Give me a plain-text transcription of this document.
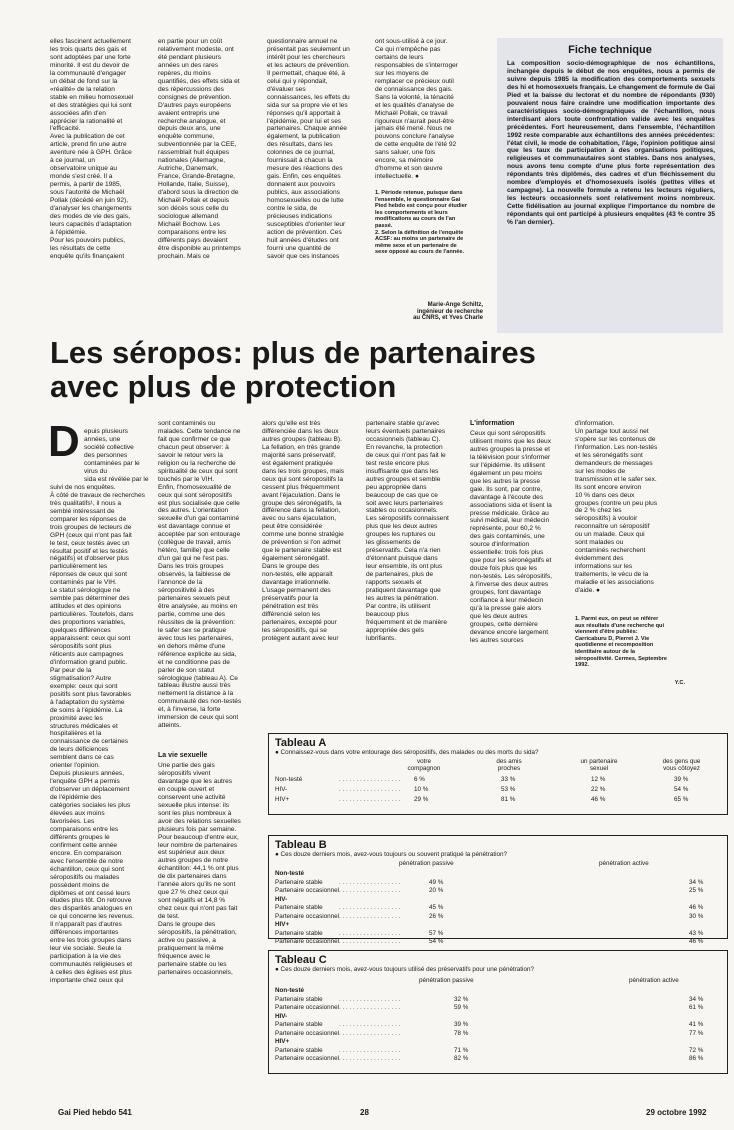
elles fascinent actuellement
les trois quarts des gais et
sont adoptées par une forte
minorité. Il est du devoir de
la communauté d'engager
un débat de fond sur la
«réalité» de la relation
stable en milieu homosexuel
et des stratégies qui lui sont
associées afin d'en
apprécier la rationalité et
l'efficacité.
Avec la publication de cet
article, prend fin une autre
aventure née à GPH. Grâce
à ce journal, un
observatoire unique au
monde s'est créé. Il a
permis, à partir de 1985,
sous l'autorité de Michaël
Pollak (décédé en juin 92),
d'analyser les changements
des modes de vie des gais,
leurs capacités d'adaptation
à l'épidémie.
Pour les pouvoirs publics,
les résultats de cette
enquête qu'ils finançaient
en partie pour un coût
relativement modeste, ont
été pendant plusieurs
années un des rares
repères, du moins
quantifiés, des effets sida et
des répercussions des
consignes de prévention.
D'autres pays européens
avaient entrepris une
recherche analogue, et
depuis deux ans, une
enquête commune,
subventionnée par la CEE,
rassemblait huit équipes
nationales (Allemagne,
Autriche, Danemark,
France, Grande-Bretagne,
Hollande, Italie, Suisse),
d'abord sous la direction de
Michaël Pollak et depuis
son décès sous celle du
sociologue allemand
Michaël Bochow. Les
comparaisons entre les
différents pays devaient
être disponible au printemps
prochain. Mais ce
questionnaire annuel ne
présentait pas seulement un
intérêt pour les chercheurs
et les acteurs de prévention.
Il permettait, chaque été, à
celui qui y répondait,
d'évaluer ses
connaissances, les effets du
sida sur sa propre vie et les
réponses qu'il apportait à
l'épidémie, pour lui et ses
partenaires. Chaque année
également, la publication
des résultats, dans les
colonnes de ce journal,
fournissait à chacun la
mesure des réactions des
gais. Enfin, ces enquêtes
donnaient aux pouvoirs
publics, aux associations
homosexuelles ou de lutte
contre le sida, de
précieuses indications
susceptibles d'orienter leur
action de prévention. Ces
huit années d'études ont
fourni une quantité de
savoir que ces instances
ont sous-utilisé à ce jour.
Ce qui n'empêche pas
certains de leurs
responsables de s'interroger
sur les moyens de
remplacer ce précieux outil
de connaissance des gais.
Sans la volonté, la ténacité
et les qualités d'analyse de
Michaël Pollak, ce travail
rigoureux n'aurait peut-être
jamais été mené. Nous ne
pouvons conclure l'analyse
de cette enquête de l'été 92
sans saluer, une fois
encore, sa mémoire
d'homme et son œuvre
intellectuelle. ●
1. Période retenue, puisque dans
l'ensemble, le questionnaire Gai
Pied hebdo est conçu pour étudier
les comportements et leurs
modifications au cours de l'an
passé.
2. Selon la définition de l'enquête
ACSF: au moins un partenaire de
même sexe et un partenaire de
sexe opposé au cours de l'année.
Marie-Ange Schiltz,
ingénieur de recherche
au CNRS, et Yves Charle
Fiche technique
La composition socio-démographique de nos échantillons, inchangée depuis le début de nos enquêtes, nous a permis de suivre depuis 1985 la modification des comportements sexuels des hi et homosexuels français. Le changement de formule de Gai Pied et la baisse du lectorat et du nombre de répondants (930) pouvaient nous faire craindre une modification importante des caractéristiques socio-démographiques de l'échantillon, nous interdisant alors toute confrontation valide avec les enquêtes précédentes. Fort heureusement, dans l'ensemble, l'échantillon 1992 reste comparable aux échantillons des années précédentes: l'état civil, le mode de cohabitation, l'âge, l'opinion politique ainsi que les taux de participation à des organisations politiques, religieuses et communautaires sont stables. Dans nos analyses, nous avons tenu compte d'une plus forte représentation des répondants très diplômés, des cadres et d'un fléchissement du nombre d'employés et d'homosexuels isolés (petites villes et campagne). La nouvelle formule a retenu les lecteurs réguliers, les lecteurs occasionnels sont relativement moins nombreux. Cette fidélisation au journal explique l'importance du nombre de répondants qui ont participé à plusieurs enquêtes (43 % contre 35 % l'an dernier).
Les séropos: plus de partenaires
avec plus de protection
D epuis plusieurs
années, une
société collective
des personnes
contaminées par le virus du
sida est révélée par le

suivi de nos enquêtes.
À côté de travaux de recherches
très qualitatifs¹, il nous a
semblé intéressant de
comparer les réponses de
trois groupes de lecteurs de
GPH (ceux qui n'ont pas fait
le test, ceux testés avec un
résultat positif et les testés
négatifs) et d'observer plus
particulièrement les
réponses de ceux qui sont
contaminés par le VIH.
Le statut sérologique ne
semble pas déterminer des
attitudes et des opinions
particulières. Toutefois, dans
des proportions variables,
quelques différences
apparaissent: ceux qui sont
séropositifs sont plus
réticents aux campagnes
d'information grand public.
Par peur de la
stigmatisation? Autre
exemple: ceux qui sont
positifs sont plus favorables
à l'adaptation du système
de soins à l'épidémie. La
proximité avec les
structures médicales et
hospitalières et la
connaissance de certaines
de leurs déficiences
semblent dans ce cas
orienter l'opinion.
Depuis plusieurs années,
l'enquête GPH a permis
d'observer un déplacement
de l'épidémie des
catégories sociales les plus
élevées aux moins
favorisées. Les
comparaisons entre les
différents groupes le
confirment cette année
encore. En comparaison
avec l'ensemble de notre
échantillon, ceux qui sont
séropositifs ou malades
possèdent moins de
diplômes et ont cessé leurs
études plus tôt. On retrouve
des disparités analogues en
ce qui concerne les revenus.
Il n'apparaît pas d'autres
différences importantes
entre les trois groupes dans
leur vie sociale. Seule la
participation à la vie des
communautés religieuses et
à celles des églises est plus
importante chez ceux qui
sont contaminés ou
malades. Cette tendance ne
fait que confirmer ce que
chacun peut observer: à
savoir le retour vers la
religion ou la recherche de
spiritualité de ceux qui sont
touchés par le VIH.
Enfin, l'homosexualité de
ceux qui sont séropositifs
est plus socialisée que celle
des autres. L'orientation
sexuelle d'un gai contaminé
est davantage connue et
acceptée par son entourage
(collègue de travail, amis
hétéro, famille) que celle
d'un gai qui ne l'est pas.
Dans les trois groupes
observés, la faiblesse de
l'annonce de la
séropositivité à des
partenaires sexuels peut
être analysée, au moins en
partie, comme une des
réussites de la prévention:
le safer sex se pratique
avec tous les partenaires,
en dehors même d'une
référence explicite au sida,
et ne conditionne pas de
parler de son statut
sérologique (tableau A). Ce
tableau illustre aussi très
nettement la distance à la
communauté des non-testés
et, à l'inverse, la forte
immersion de ceux qui sont
atteints.
La vie sexuelle
Une partie des gais
séropositifs vivent
davantage que les autres
en couple ouvert et
conservent une activité
sexuelle plus intense: ils
sont les plus nombreux à
avoir des relations sexuelles
plusieurs fois par semaine.
Pour beaucoup d'entre eux,
leur nombre de partenaires
est supérieur aux deux
autres groupes de notre
échantillon: 44,1 % ont plus
de dix partenaires dans
l'année alors qu'ils ne sont
que 27 % chez ceux qui
sont négatifs et 14,8 %
chez ceux qui n'ont pas fait
de test.
Dans le groupe des
séropositifs, la pénétration,
active ou passive, a
pratiquement la même
fréquence avec le
partenaire stable ou les
partenaires occasionnels,
alors qu'elle est très
différenciée dans les deux
autres groupes (tableau B).
La fellation, en très grande
majorité sans préservatif,
est également pratiquée
dans les trois groupes, mais
ceux qui sont séropositifs la
cessent plus fréquemment
avant l'éjaculation. Dans le
groupe des séronégatifs, la
différence dans la fellation,
avec ou sans éjaculation,
peut être considérée
comme une bonne stratégie
de prévention si l'on admet
que le partenaire stable est
également séronégatif.
Dans le groupe des
non-testés, elle apparaît
davantage irrationnelle.
L'usage permanent des
préservatifs pour la
pénétration est très
différencié selon les
partenaires, excepté pour
les séropositifs, qui se
protègent autant avec leur
partenaire stable qu'avec
leurs éventuels partenaires
occasionnels (tableau C).
En revanche, la protection
de ceux qui n'ont pas fait le
test reste encore plus
insuffisante que dans les
autres groupes et semble
peu appropriée dans
beaucoup de cas que ce
soit avec leurs partenaires
stables ou occasionnels.
Les séropositifs connaissent
plus que les deux autres
groupes les ruptures ou
les glissements de
préservatifs. Cela n'a rien
d'étonnant puisque dans
leur ensemble, ils ont plus
de partenaires, plus de
rapports sexuels et
pratiquent davantage que
les autres la pénétration.
Par contre, ils utilisent
beaucoup plus
fréquemment et de manière
appropriée des gels
lubrifiants.
L'information
Ceux qui sont séropositifs
utilisent moins que les deux
autres groupes la presse et
la télévision pour s'informer
sur l'épidémie. Ils utilisent
également un peu moins
que les autres la presse
gaie. Ils sont, par contre,
davantage à l'écoute des
associations sida et lisent la
presse médicale. Grâce au
suivi médical, leur médecin
représente, pour 60,2 %
des gais contaminés, une
source d'information
essentielle: trois fois plus
que pour les séronégatifs et
douze fois plus que les
non-testés. Les séropositifs,
à l'inverse des deux autres
groupes, font davantage
confiance à leur médecin
qu'à la presse gaie alors
que les deux autres
groupes, cette dernière
devance encore largement
les autres sources
d'information.
Un partage tout aussi net
s'opère sur les contenus de
l'information. Les non-testés
et les séronégatifs sont
demandeurs de messages
sur les modes de
transmission et le safer sex.
Ils sont encore environ
10 % dans ces deux
groupes (contre un peu plus
de 2 % chez les
séropositifs) à vouloir
reconnaître un séropositif
ou un malade. Ceux qui
sont malades ou
contaminés recherchent
évidemment des
informations sur les
traitements, le vécu de la
maladie et les associations
d'aide. ●
1. Parmi eux, on peut se référer
aux résultats d'une recherche qui
viennent d'être publiés:
Carricaburu D, Pierret J. Vie
quotidienne et recomposition
identitaire autour de la
séropositivité. Cermes, Septembre
1992.
Y.C.
Tableau A
● Connaissez-vous dans votre entourage des séropositifs, des malades ou des morts du sida?
votre
compagnon
des amis
proches
un partenaire
sexuel
des gens que
vous côtoyez
Non-testé	. . . . . . . . . . . . . . . . . . 6 %	33 %	12 %	39 %
HIV-	. . . . . . . . . . . . . . . . . . 10 %	53 %	22 %	54 %
HIV+	. . . . . . . . . . . . . . . . . . 29 %	81 %	46 %	65 %
Tableau B
● Ces douze derniers mois, avez-vous toujours ou souvent pratiqué la pénétration?
pénétration passive	pénétration active
Non-testé
Partenaire stable	. . . . . . . . . . . . . . . . . .	49 %	34 %
Partenaire occasionnel . . . . . . . . . . . . . . . . . .	20 %	25 %
HIV-
Partenaire stable	. . . . . . . . . . . . . . . . . .	45 %	46 %
Partenaire occasionnel . . . . . . . . . . . . . . . . . .	26 %	30 %
HIV+
Partenaire stable	. . . . . . . . . . . . . . . . . .	57 %	43 %
Partenaire occasionnel . . . . . . . . . . . . . . . . . .	54 %	46 %
Tableau C
● Ces douze derniers mois, avez-vous toujours utilisé des préservatifs pour une pénétration?
pénétration passive	pénétration active
Non-testé
Partenaire stable	. . . . . . . . . . . . . . . . . .	32 %	34 %
Partenaire occasionnel . . . . . . . . . . . . . . . . . .	59 %	61 %
HIV-
Partenaire stable	. . . . . . . . . . . . . . . . . .	39 %	41 %
Partenaire occasionnel . . . . . . . . . . . . . . . . . .	78 %	77 %
HIV+
Partenaire stable	. . . . . . . . . . . . . . . . . .	71 %	72 %
Partenaire occasionnel . . . . . . . . . . . . . . . . . .	82 %	86 %
Gai Pied hebdo 541	28	29 octobre 1992
